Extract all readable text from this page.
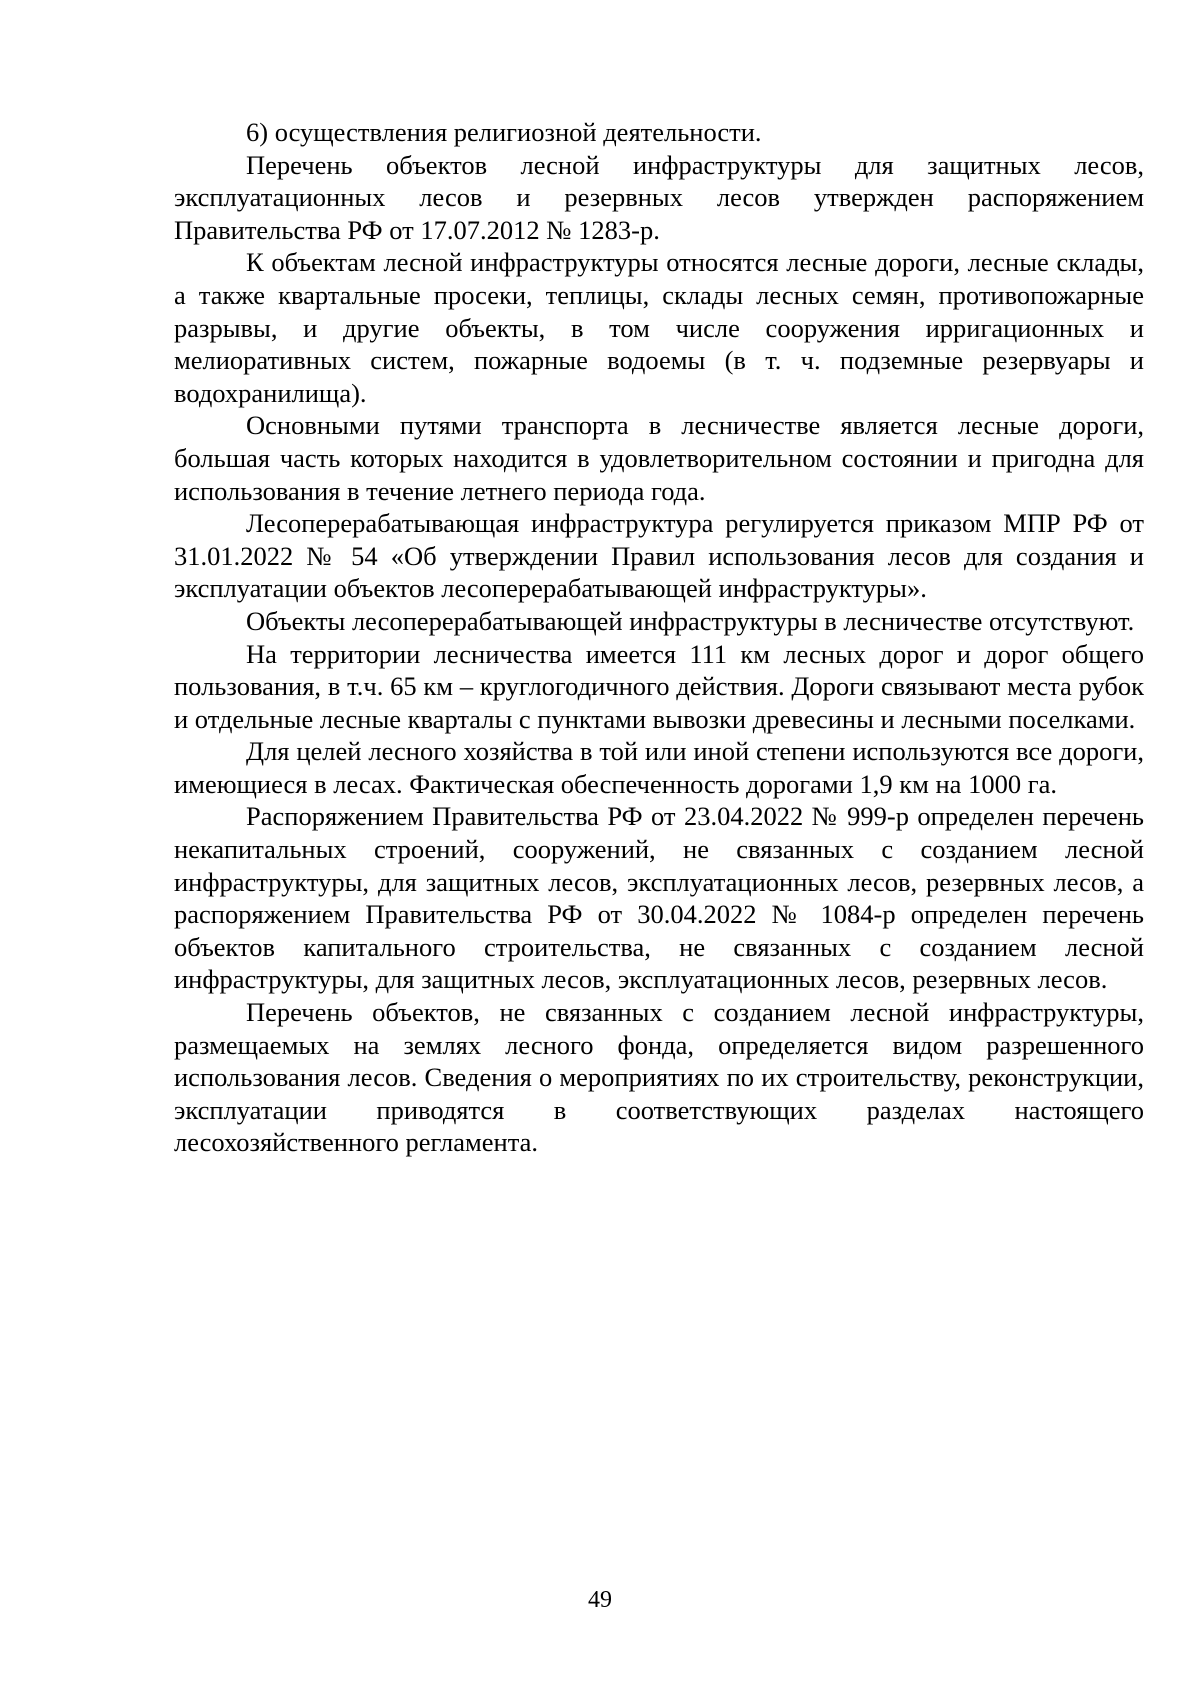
6) осуществления религиозной деятельности.

Перечень объектов лесной инфраструктуры для защитных лесов, эксплуатационных лесов и резервных лесов утвержден распоряжением Правительства РФ от 17.07.2012 № 1283-р.

К объектам лесной инфраструктуры относятся лесные дороги, лесные склады, а также квартальные просеки, теплицы, склады лесных семян, противопожарные разрывы, и другие объекты, в том числе сооружения ирригационных и мелиоративных систем, пожарные водоемы (в т. ч. подземные резервуары и водохранилища).

Основными путями транспорта в лесничестве является лесные дороги, большая часть которых находится в удовлетворительном состоянии и пригодна для использования в течение летнего периода года.

Лесоперерабатывающая инфраструктура регулируется приказом МПР РФ от 31.01.2022 № 54 «Об утверждении Правил использования лесов для создания и эксплуатации объектов лесоперерабатывающей инфраструктуры».

Объекты лесоперерабатывающей инфраструктуры в лесничестве отсутствуют.

На территории лесничества имеется 111 км лесных дорог и дорог общего пользования, в т.ч. 65 км – круглогодичного действия. Дороги связывают места рубок и отдельные лесные кварталы с пунктами вывозки древесины и лесными поселками.

Для целей лесного хозяйства в той или иной степени используются все дороги, имеющиеся в лесах. Фактическая обеспеченность дорогами 1,9 км на 1000 га.

Распоряжением Правительства РФ от 23.04.2022 № 999-р определен перечень некапитальных строений, сооружений, не связанных с созданием лесной инфраструктуры, для защитных лесов, эксплуатационных лесов, резервных лесов, а распоряжением Правительства РФ от 30.04.2022 № 1084-р определен перечень объектов капитального строительства, не связанных с созданием лесной инфраструктуры, для защитных лесов, эксплуатационных лесов, резервных лесов.

Перечень объектов, не связанных с созданием лесной инфраструктуры, размещаемых на землях лесного фонда, определяется видом разрешенного использования лесов. Сведения о мероприятиях по их строительству, реконструкции, эксплуатации приводятся в соответствующих разделах настоящего лесохозяйственного регламента.

49
